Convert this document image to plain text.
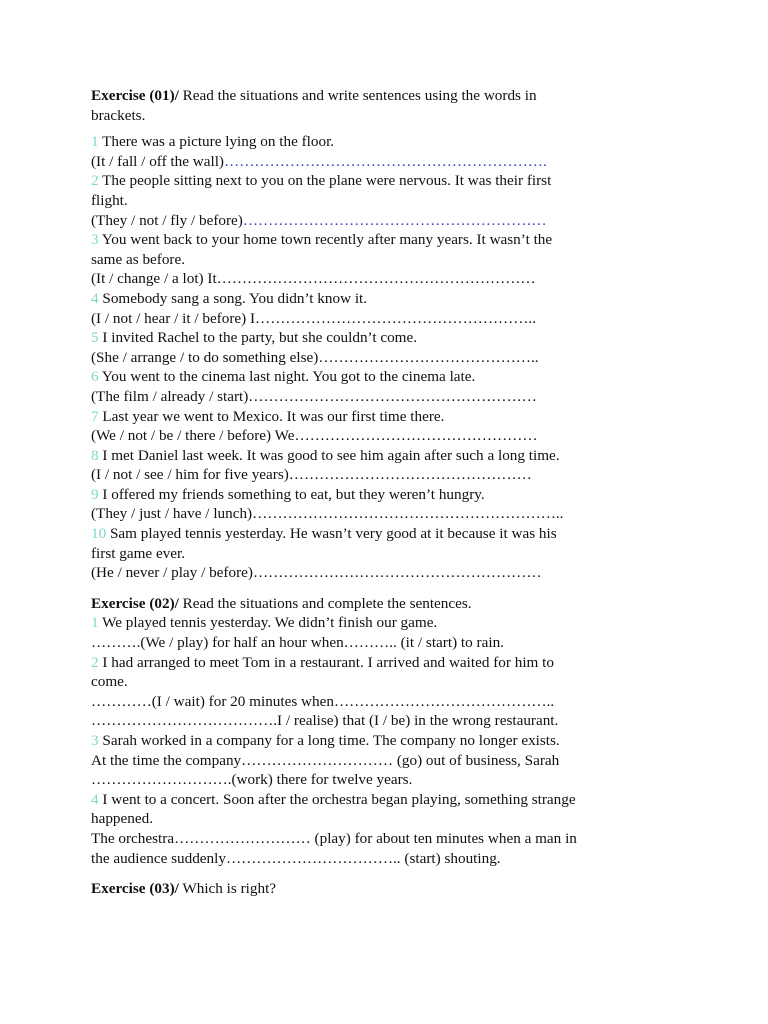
Exercise (01)/ Read the situations and write sentences using the words in

brackets.

1 There was a picture lying on the floor.

(It / fall / off the wall)……………………………………………………….

2 The people sitting next to you on the plane were nervous. It was their first

flight.

(They / not / fly / before)……………………………………………………

3 You went back to your home town recently after many years. It wasn’t the

same as before.

(It / change / a lot) It………………………………………………………

4 Somebody sang a song. You didn’t know it.

(I / not / hear / it / before) I………………………………………………..

5 I invited Rachel to the party, but she couldn’t come.

(She / arrange / to do something else)……………………………………..

6 You went to the cinema last night. You got to the cinema late.

(The film / already / start)…………………………………………………

7 Last year we went to Mexico. It was our first time there.

(We / not / be / there / before) We…………………………………………

8 I met Daniel last week. It was good to see him again after such a long time.

(I / not / see / him for five years)…………………………………………

9 I offered my friends something to eat, but they weren’t hungry.

(They / just / have / lunch)……………………………………………………..

10 Sam played tennis yesterday. He wasn’t very good at it because it was his

first game ever.

(He / never / play / before)…………………………………………………

Exercise (02)/ Read the situations and complete the sentences.

1 We played tennis yesterday. We didn’t finish our game.

……….(We / play) for half an hour when……….. (it / start) to rain.

2 I had arranged to meet Tom in a restaurant. I arrived and waited for him to

come.

…………(I / wait) for 20 minutes when……………………………………..

……………………………….I / realise) that (I / be) in the wrong restaurant.

3 Sarah worked in a company for a long time. The company no longer exists.

At the time the company………………………… (go) out of business, Sarah

……………………….(work) there for twelve years.

4 I went to a concert. Soon after the orchestra began playing, something strange

happened.

The orchestra……………………… (play) for about ten minutes when a man in

the audience suddenly…………………………….. (start) shouting.

Exercise (03)/ Which is right?
